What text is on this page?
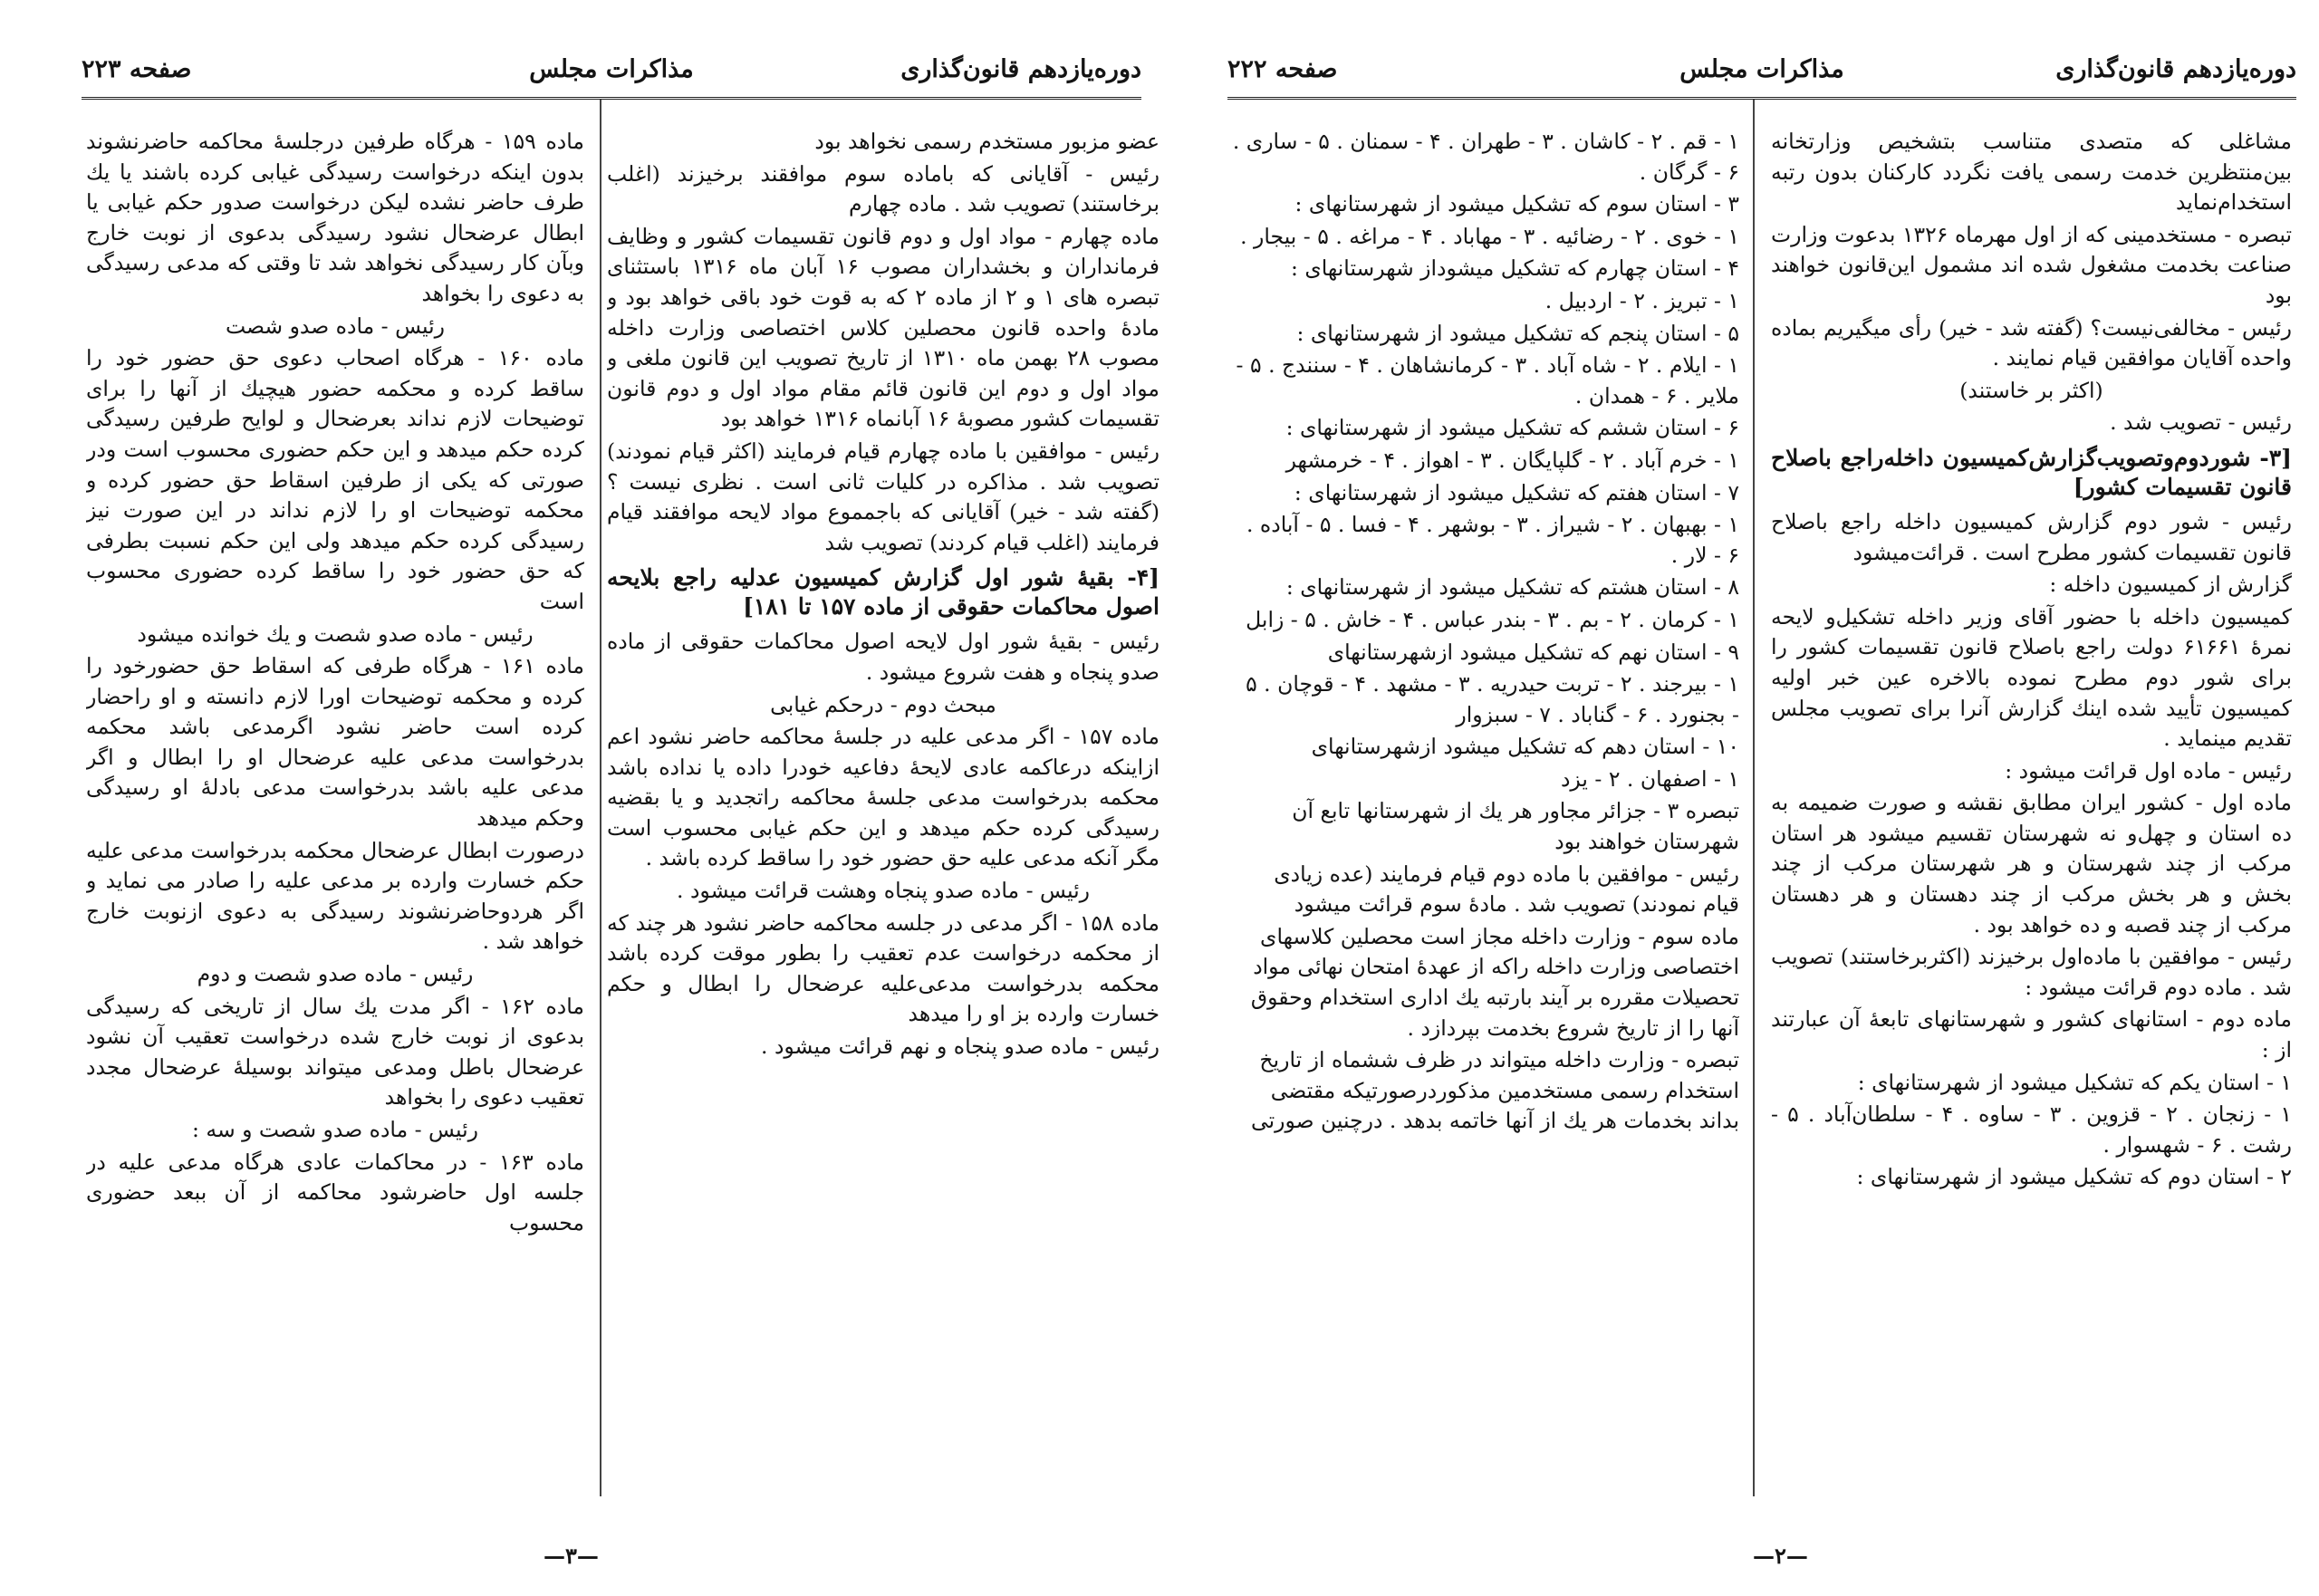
دوره‌یازدهم قانون‌گذاری
مذاکرات مجلس
صفحه ۲۲۳

عضو مزبور مستخدم رسمی نخواهد بود

رئیس - آقایانی که باماده سوم موافقند برخیزند (اغلب برخاستند) تصویب شد . ماده چهارم

ماده چهارم - مواد اول و دوم قانون تقسیمات کشور و وظایف فرمانداران و بخشداران مصوب ۱۶ آبان ماه ۱۳۱۶ باستثنای تبصره های ۱ و ۲ از ماده ۲ که به قوت خود باقی خواهد بود و مادهٔ واحده قانون محصلین کلاس اختصاصی وزارت داخله مصوب ۲۸ بهمن ماه ۱۳۱۰ از تاریخ تصویب این قانون ملغی و مواد اول و دوم این قانون قائم مقام مواد اول و دوم قانون تقسیمات کشور مصوبهٔ ۱۶ آبانماه ۱۳۱۶ خواهد بود

رئیس - موافقین با ماده چهارم قیام فرمایند (اکثر قیام نمودند) تصویب شد . مذاکره در کلیات ثانی است . نظری نیست ؟ (گفته شد - خیر) آقایانی که باجمموع مواد لایحه موافقند قیام فرمایند (اغلب قیام کردند) تصویب شد

[۴- بقیهٔ شور اول گزارش کمیسیون عدلیه راجع بلایحه اصول محاکمات حقوقی از ماده ۱۵۷ تا ۱۸۱]

رئیس - بقیهٔ شور اول لایحه اصول محاکمات حقوقی از ماده صدو پنجاه و هفت شروع میشود .

مبحث دوم - درحکم غیابی

ماده ۱۵۷ - اگر مدعی علیه در جلسهٔ محاکمه حاضر نشود اعم ازاینکه درعاکمه عادی لایحهٔ دفاعیه خودرا داده یا نداده باشد محکمه بدرخواست مدعی جلسهٔ محاکمه راتجدید و یا بقضیه رسیدگی کرده حکم میدهد و این حکم غیابی محسوب است مگر آنکه مدعی علیه حق حضور خود را ساقط کرده باشد .

رئیس - ماده صدو پنجاه وهشت قرائت میشود .

ماده ۱۵۸ - اگر مدعی در جلسه محاکمه حاضر نشود هر چند که از محکمه درخواست عدم تعقیب را بطور موقت کرده باشد محکمه بدرخواست مدعی‌علیه عرضحال را ابطال و حکم خسارت وارده بز او را میدهد

رئیس - ماده صدو پنجاه و نهم قرائت میشود .

ماده ۱۵۹ - هرگاه طرفین درجلسهٔ محاکمه حاضرنشوند بدون اینکه درخواست رسیدگی غیابی کرده باشند یا یك طرف حاضر نشده لیکن درخواست صدور حکم غیابی یا ابطال عرضحال نشود رسیدگی بدعوی از نوبت خارج وبآن کار رسیدگی نخواهد شد تا وقتی که مدعی رسیدگی به دعوی را بخواهد

رئیس - ماده صدو شصت

ماده ۱۶۰ - هرگاه اصحاب دعوی حق حضور خود را ساقط کرده و محکمه حضور هیچیك از آنها را برای توضیحات لازم نداند بعرضحال و لوایح طرفین رسیدگی کرده حکم میدهد و این حکم حضوری محسوب است ودر صورتی که یکی از طرفین اسقاط حق حضور کرده و محکمه توضیحات او را لازم نداند در این صورت نیز رسیدگی کرده حکم میدهد ولی این حکم نسبت بطرفی که حق حضور خود را ساقط کرده حضوری محسوب است

رئیس - ماده صدو شصت و یك خوانده میشود

ماده ۱۶۱ - هرگاه طرفی که اسقاط حق حضورخود را کرده و محکمه توضیحات اورا لازم دانسته و او راحضار کرده است حاضر نشود اگرمدعی باشد محکمه بدرخواست مدعی علیه عرضحال او را ابطال و اگر مدعی علیه باشد بدرخواست مدعی بادلهٔ او رسیدگی وحکم میدهد

درصورت ابطال عرضحال محکمه بدرخواست مدعی علیه حکم خسارت وارده بر مدعی علیه را صادر می نماید و اگر هردوحاضرنشوند رسیدگی به دعوی ازنوبت خارج خواهد شد .

رئیس - ماده صدو شصت و دوم

ماده ۱۶۲ - اگر مدت یك سال از تاریخی که رسیدگی بدعوی از نوبت خارج شده درخواست تعقیب آن نشود عرضحال باطل ومدعی میتواند بوسیلهٔ عرضحال مجدد تعقیب دعوی را بخواهد

رئیس - ماده صدو شصت و سه :

ماده ۱۶۳ - در محاکمات عادی هرگاه مدعی علیه در جلسه اول حاضرشود محاکمه از آن ببعد حضوری محسوب

—۳—
دوره‌یازدهم قانون‌گذاری
مذاکرات مجلس
صفحه ۲۲۲

مشاغلی که متصدی متناسب بتشخیص وزارتخانه بین‌منتظرین خدمت رسمی یافت نگردد کارکنان بدون رتبه استخدام‌نماید

تبصره - مستخدمینی که از اول مهرماه ۱۳۲۶ بدعوت وزارت صناعت بخدمت مشغول شده اند مشمول این‌قانون خواهند بود

رئیس - مخالفی‌نیست؟ (گفته شد - خیر) رأی میگیریم بماده واحده آقایان موافقین قیام نمایند .

(اکثر بر خاستند)

رئیس - تصویب شد .

[۳- شوردوم‌وتصویب‌گزارش‌کمیسیون داخله‌راجع باصلاح قانون تقسیمات کشور]

رئیس - شور دوم گزارش کمیسیون داخله راجع باصلاح قانون تقسیمات کشور مطرح است . قرائت‌میشود

گزارش از کمیسیون داخله :

کمیسیون داخله با حضور آقای وزیر داخله تشکیل‌و لایحه نمرهٔ ۶۱۶۶۱ دولت راجع باصلاح قانون تقسیمات کشور را برای شور دوم مطرح نموده بالاخره عین خبر اولیه کمیسیون تأیید شده اینك گزارش آنرا برای تصویب مجلس تقدیم مینماید .

رئیس - ماده اول قرائت میشود :

ماده اول - کشور ایران مطابق نقشه و صورت ضمیمه به ده استان و چهل‌و نه شهرستان تقسیم میشود هر استان مرکب از چند شهرستان و هر شهرستان مرکب از چند بخش و هر بخش مرکب از چند دهستان و هر دهستان مرکب از چند قصبه و ده خواهد بود .

رئیس - موافقین با ماده‌اول برخیزند (اکثربرخاستند) تصویب شد . ماده دوم قرائت میشود :

ماده دوم - استانهای کشور و شهرستانهای تابعهٔ آن عبارتند از :

۱ - استان یکم که تشکیل میشود از شهرستانهای :

۱ - زنجان . ۲ - قزوین . ۳ - ساوه . ۴ - سلطان‌آباد . ۵ - رشت . ۶ - شهسوار .

۲ - استان دوم که تشکیل میشود از شهرستانهای :

۱ - قم . ۲ - کاشان . ۳ - طهران . ۴ - سمنان . ۵ - ساری . ۶ - گرگان .

۳ - استان سوم که تشکیل میشود از شهرستانهای :

۱ - خوی . ۲ - رضائیه . ۳ - مهاباد . ۴ - مراغه . ۵ - بیجار .

۴ - استان چهارم که تشکیل میشوداز شهرستانهای :

۱ - تبریز . ۲ - اردبیل .

۵ - استان پنجم که تشکیل میشود از شهرستانهای :

۱ - ایلام . ۲ - شاه آباد . ۳ - کرمانشاهان . ۴ - سنندج . ۵ - ملایر . ۶ - همدان .

۶ - استان ششم که تشکیل میشود از شهرستانهای :

۱ - خرم آباد . ۲ - گلپایگان . ۳ - اهواز . ۴ - خرمشهر

۷ - استان هفتم که تشکیل میشود از شهرستانهای :

۱ - بهبهان . ۲ - شیراز . ۳ - بوشهر . ۴ - فسا . ۵ - آباده . ۶ - لار .

۸ - استان هشتم که تشکیل میشود از شهرستانهای :

۱ - کرمان . ۲ - بم . ۳ - بندر عباس . ۴ - خاش . ۵ - زابل

۹ - استان نهم که تشکیل میشود ازشهرستانهای

۱ - بیرجند . ۲ - تربت حیدریه . ۳ - مشهد . ۴ - قوچان . ۵ - بجنورد . ۶ - گناباد . ۷ - سبزوار

۱۰ - استان دهم که تشکیل میشود ازشهرستانهای

۱ - اصفهان . ۲ - یزد

تبصره ۳ - جزائر مجاور هر یك از شهرستانها تابع آن شهرستان خواهند بود

رئیس - موافقین با ماده دوم قیام فرمایند (عده زیادی قیام نمودند) تصویب شد . مادهٔ سوم قرائت میشود

ماده سوم - وزارت داخله مجاز است محصلین کلاسهای اختصاصی وزارت داخله راکه از عهدهٔ امتحان نهائی مواد تحصیلات مقرره بر آیند بارتبه یك اداری استخدام وحقوق آنها را از تاریخ شروع بخدمت بپردازد .

تبصره - وزارت داخله میتواند در ظرف ششماه از تاریخ استخدام رسمی مستخدمین مذکوردرصورتیکه مقتضی بداند بخدمات هر یك از آنها خاتمه بدهد . درچنین صورتی

—۲—
